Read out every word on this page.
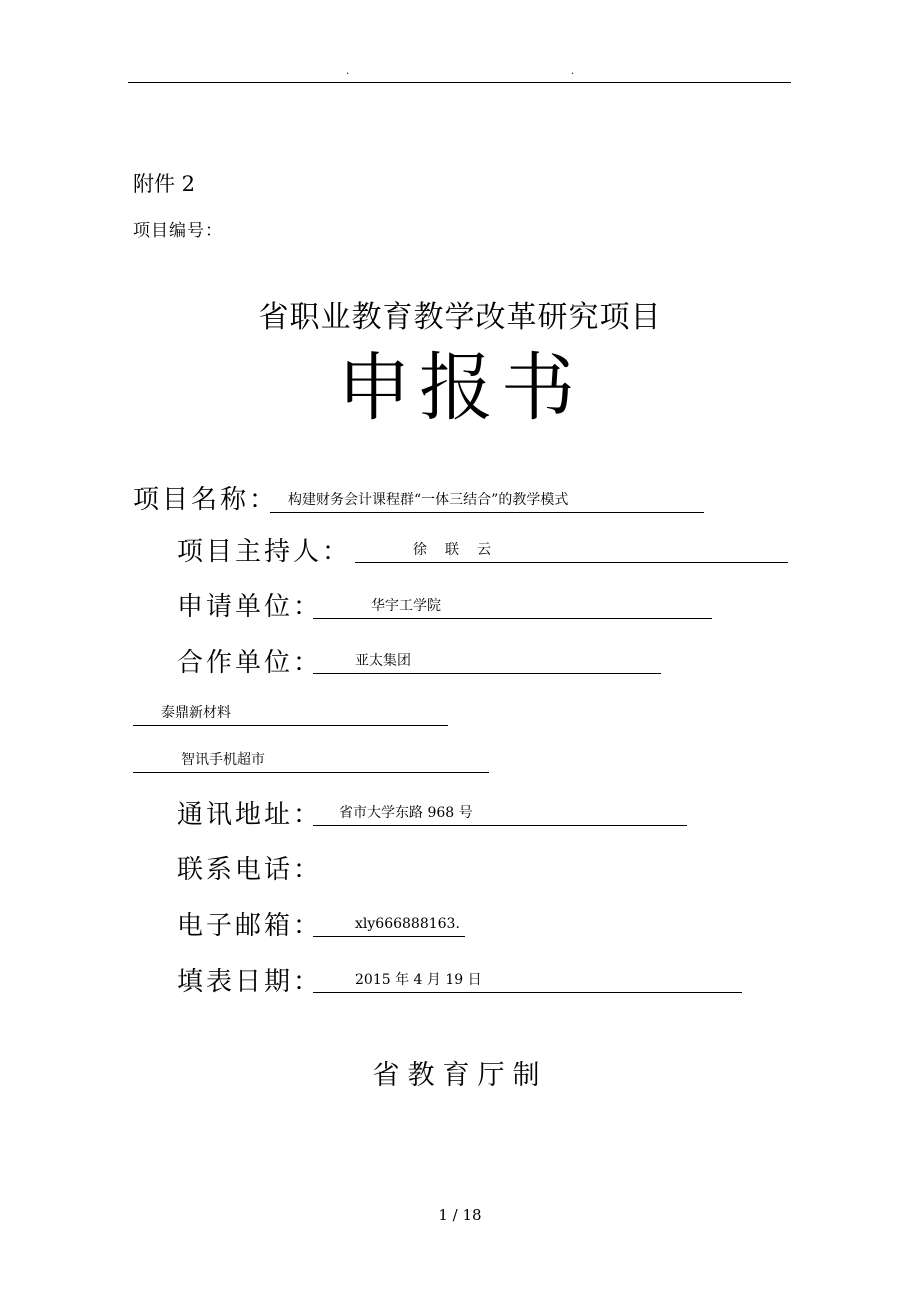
.	.
附件 2
项目编号：
省职业教育教学改革研究项目
申报书
项目名称： 构建财务会计课程群“一体三结合”的教学模式
项目主持人：	徐　联　云
申请单位：	华宇工学院
合作单位：	亚太集团
泰鼎新材料
智讯手机超市
通讯地址：	省市大学东路 968 号
联系电话：
电子邮箱：	xly666888163.
填表日期：	2015 年 4 月 19 日
省教育厅制
1 / 18
